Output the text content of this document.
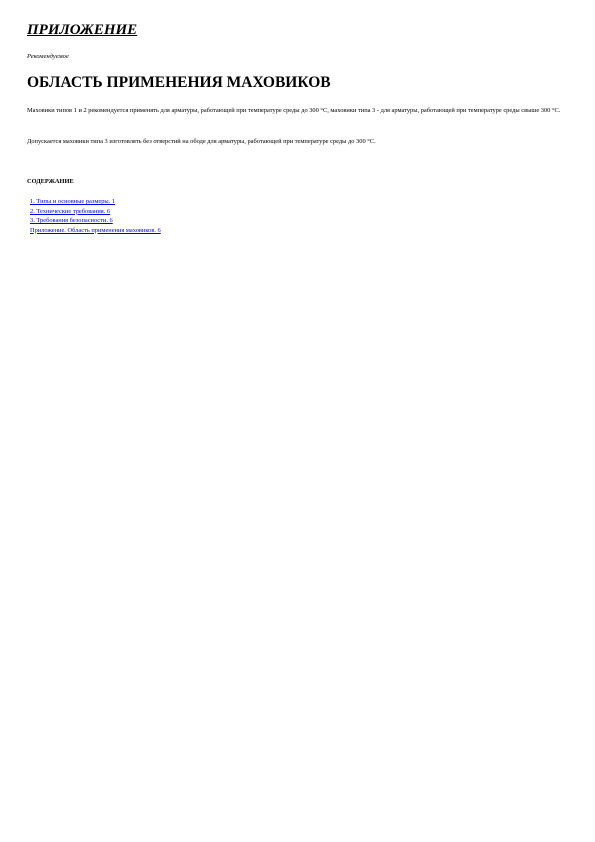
ПРИЛОЖЕНИЕ

Рекомендуемое

ОБЛАСТЬ ПРИМЕНЕНИЯ МАХОВИКОВ

Маховики типов 1 и 2 рекомендуется применять для арматуры, работающей при температуре среды до 300 °С, маховики типа 3 - для арматуры, работающей при температуре среды свыше 300 °С.

Допускается маховики типа 3 изготовлять без отверстий на ободе для арматуры, работающей при температуре среды до 300 °С.

СОДЕРЖАНИЕ

1. Типы и основные размеры. 1
2. Технические требования. 6
3. Требования безопасности. 6
Приложение. Область применения маховиков. 6
